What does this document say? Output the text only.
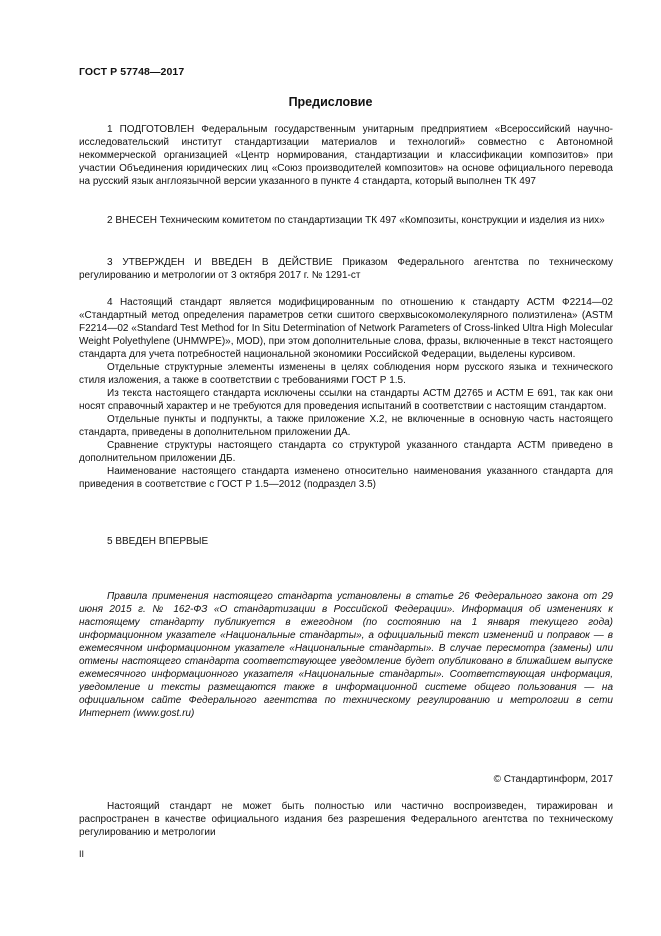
ГОСТ Р 57748—2017
Предисловие

1 ПОДГОТОВЛЕН Федеральным государственным унитарным предприятием «Всероссийский научно-исследовательский институт стандартизации материалов и технологий» совместно с Автономной некоммерческой организацией «Центр нормирования, стандартизации и классификации композитов» при участии Объединения юридических лиц «Союз производителей композитов» на основе официального перевода на русский язык англоязычной версии указанного в пункте 4 стандарта, который выполнен ТК 497

2 ВНЕСЕН Техническим комитетом по стандартизации ТК 497 «Композиты, конструкции и изделия из них»

3 УТВЕРЖДЕН И ВВЕДЕН В ДЕЙСТВИЕ Приказом Федерального агентства по техническому регулированию и метрологии от 3 октября 2017 г. № 1291-ст

4 Настоящий стандарт является модифицированным по отношению к стандарту АСТМ Ф2214—02 «Стандартный метод определения параметров сетки сшитого сверхвысокомолекулярного полиэтилена» (ASTM F2214—02 «Standard Test Method for In Situ Determination of Network Parameters of Cross-linked Ultra High Molecular Weight Polyethylene (UHMWPE)», MOD), при этом дополнительные слова, фразы, включенные в текст настоящего стандарта для учета потребностей национальной экономики Российской Федерации, выделены курсивом.

Отдельные структурные элементы изменены в целях соблюдения норм русского языка и технического стиля изложения, а также в соответствии с требованиями ГОСТ Р 1.5.

Из текста настоящего стандарта исключены ссылки на стандарты АСТМ Д2765 и АСТМ Е 691, так как они носят справочный характер и не требуются для проведения испытаний в соответствии с настоящим стандартом.

Отдельные пункты и подпункты, а также приложение Х.2, не включенные в основную часть настоящего стандарта, приведены в дополнительном приложении ДА.

Сравнение структуры настоящего стандарта со структурой указанного стандарта АСТМ приведено в дополнительном приложении ДБ.

Наименование настоящего стандарта изменено относительно наименования указанного стандарта для приведения в соответствие с ГОСТ Р 1.5—2012 (подраздел 3.5)

5 ВВЕДЕН ВПЕРВЫЕ

Правила применения настоящего стандарта установлены в статье 26 Федерального закона от 29 июня 2015 г. № 162-ФЗ «О стандартизации в Российской Федерации». Информация об изменениях к настоящему стандарту публикуется в ежегодном (по состоянию на 1 января текущего года) информационном указателе «Национальные стандарты», а официальный текст изменений и поправок — в ежемесячном информационном указателе «Национальные стандарты». В случае пересмотра (замены) или отмены настоящего стандарта соответствующее уведомление будет опубликовано в ближайшем выпуске ежемесячного информационного указателя «Национальные стандарты». Соответствующая информация, уведомление и тексты размещаются также в информационной системе общего пользования — на официальном сайте Федерального агентства по техническому регулированию и метрологии в сети Интернет (www.gost.ru)

© Стандартинформ, 2017

Настоящий стандарт не может быть полностью или частично воспроизведен, тиражирован и распространен в качестве официального издания без разрешения Федерального агентства по техническому регулированию и метрологии

II
